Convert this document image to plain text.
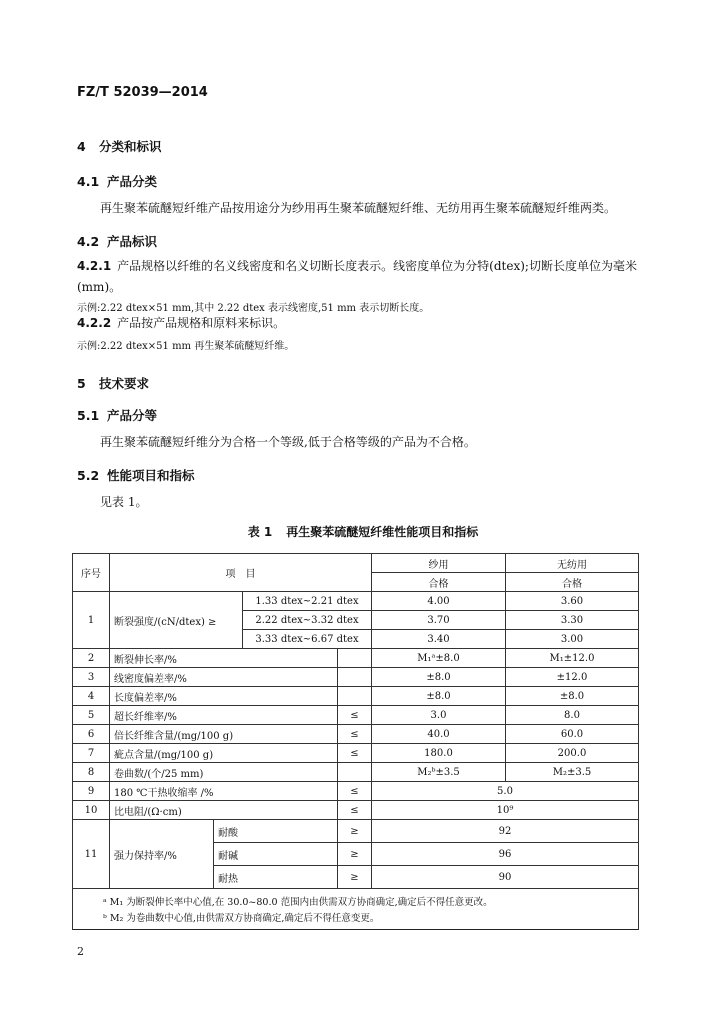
FZ/T 52039—2014
4 分类和标识
4.1 产品分类
再生聚苯硫醚短纤维产品按用途分为纱用再生聚苯硫醚短纤维、无纺用再生聚苯硫醚短纤维两类。
4.2 产品标识
4.2.1 产品规格以纤维的名义线密度和名义切断长度表示。线密度单位为分特(dtex);切断长度单位为毫米(mm)。
示例:2.22 dtex×51 mm,其中 2.22 dtex 表示线密度,51 mm 表示切断长度。
4.2.2 产品按产品规格和原料来标识。
示例:2.22 dtex×51 mm 再生聚苯硫醚短纤维。
5 技术要求
5.1 产品分等
再生聚苯硫醚短纤维分为合格一个等级,低于合格等级的产品为不合格。
5.2 性能项目和指标
见表 1。
表 1 再生聚苯硫醚短纤维性能项目和指标
序号	项　目				纱用	无纺用
					合格	合格
1	断裂强度/(cN/dtex) ≥		1.33 dtex~2.21 dtex		4.00	3.60
			2.22 dtex~3.32 dtex		3.70	3.30
			3.33 dtex~6.67 dtex		3.40	3.00
2	断裂伸长率/%				M₁ᵃ±8.0	M₁±12.0
3	线密度偏差率/%				±8.0	±12.0
4	长度偏差率/%				±8.0	±8.0
5	超长纤维率/%			≤	3.0	8.0
6	倍长纤维含量/(mg/100 g)			≤	40.0	60.0
7	疵点含量/(mg/100 g)			≤	180.0	200.0
8	卷曲数/(个/25 mm)				M₂ᵇ±3.5	M₂±3.5
9	180 ℃干热收缩率 /%			≤	5.0	
10	比电阻/(Ω·cm)			≤	10⁹	
11	强力保持率/%	耐酸		≥	92	
		耐碱		≥	96	
		耐热		≥	90	
ᵃ M₁ 为断裂伸长率中心值,在 30.0~80.0 范围内由供需双方协商确定,确定后不得任意更改。						
ᵇ M₂ 为卷曲数中心值,由供需双方协商确定,确定后不得任意变更。						
2
